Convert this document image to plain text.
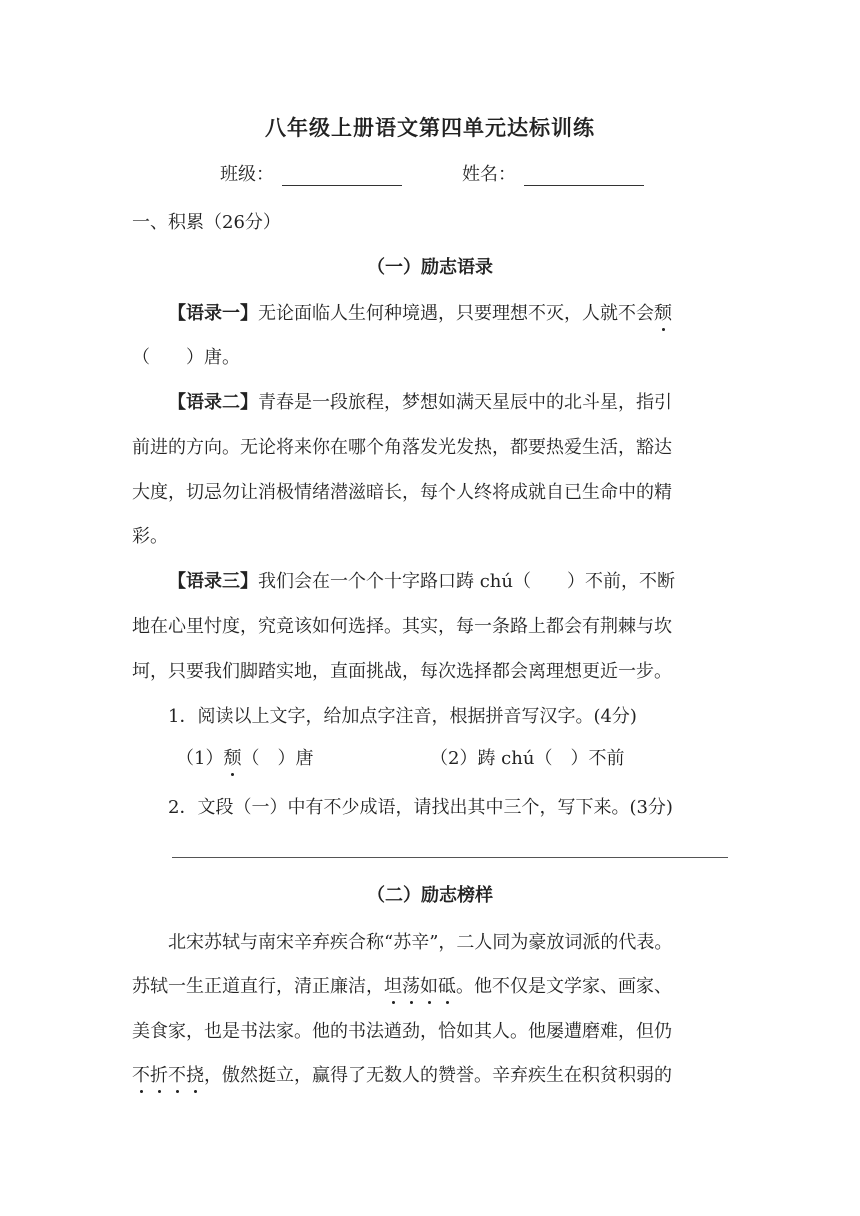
八年级上册语文第四单元达标训练
班级：	姓名：
一、积累（26分）
（一）励志语录
【语录一】无论面临人生何种境遇，只要理想不灭，人就不会颓
（　　）唐。
【语录二】青春是一段旅程，梦想如满天星辰中的北斗星，指引
前进的方向。无论将来你在哪个角落发光发热，都要热爱生活，豁达
大度，切忌勿让消极情绪潜滋暗长，每个人终将成就自已生命中的精
彩。
【语录三】我们会在一个个十字路口踌 chú（　　）不前，不断
地在心里忖度，究竟该如何选择。其实，每一条路上都会有荆棘与坎
坷，只要我们脚踏实地，直面挑战，每次选择都会离理想更近一步。
1．阅读以上文字，给加点字注音，根据拼音写汉字。(4分)
（1）颓（　）唐	（2）踌 chú（　）不前
2．文段（一）中有不少成语，请找出其中三个，写下来。(3分)
（二）励志榜样
北宋苏轼与南宋辛弃疾合称“苏辛”，二人同为豪放词派的代表。
苏轼一生正道直行，清正廉洁，坦荡如砥。他不仅是文学家、画家、
美食家，也是书法家。他的书法遒劲，恰如其人。他屡遭磨难，但仍
不折不挠，傲然挺立，赢得了无数人的赞誉。辛弃疾生在积贫积弱的
